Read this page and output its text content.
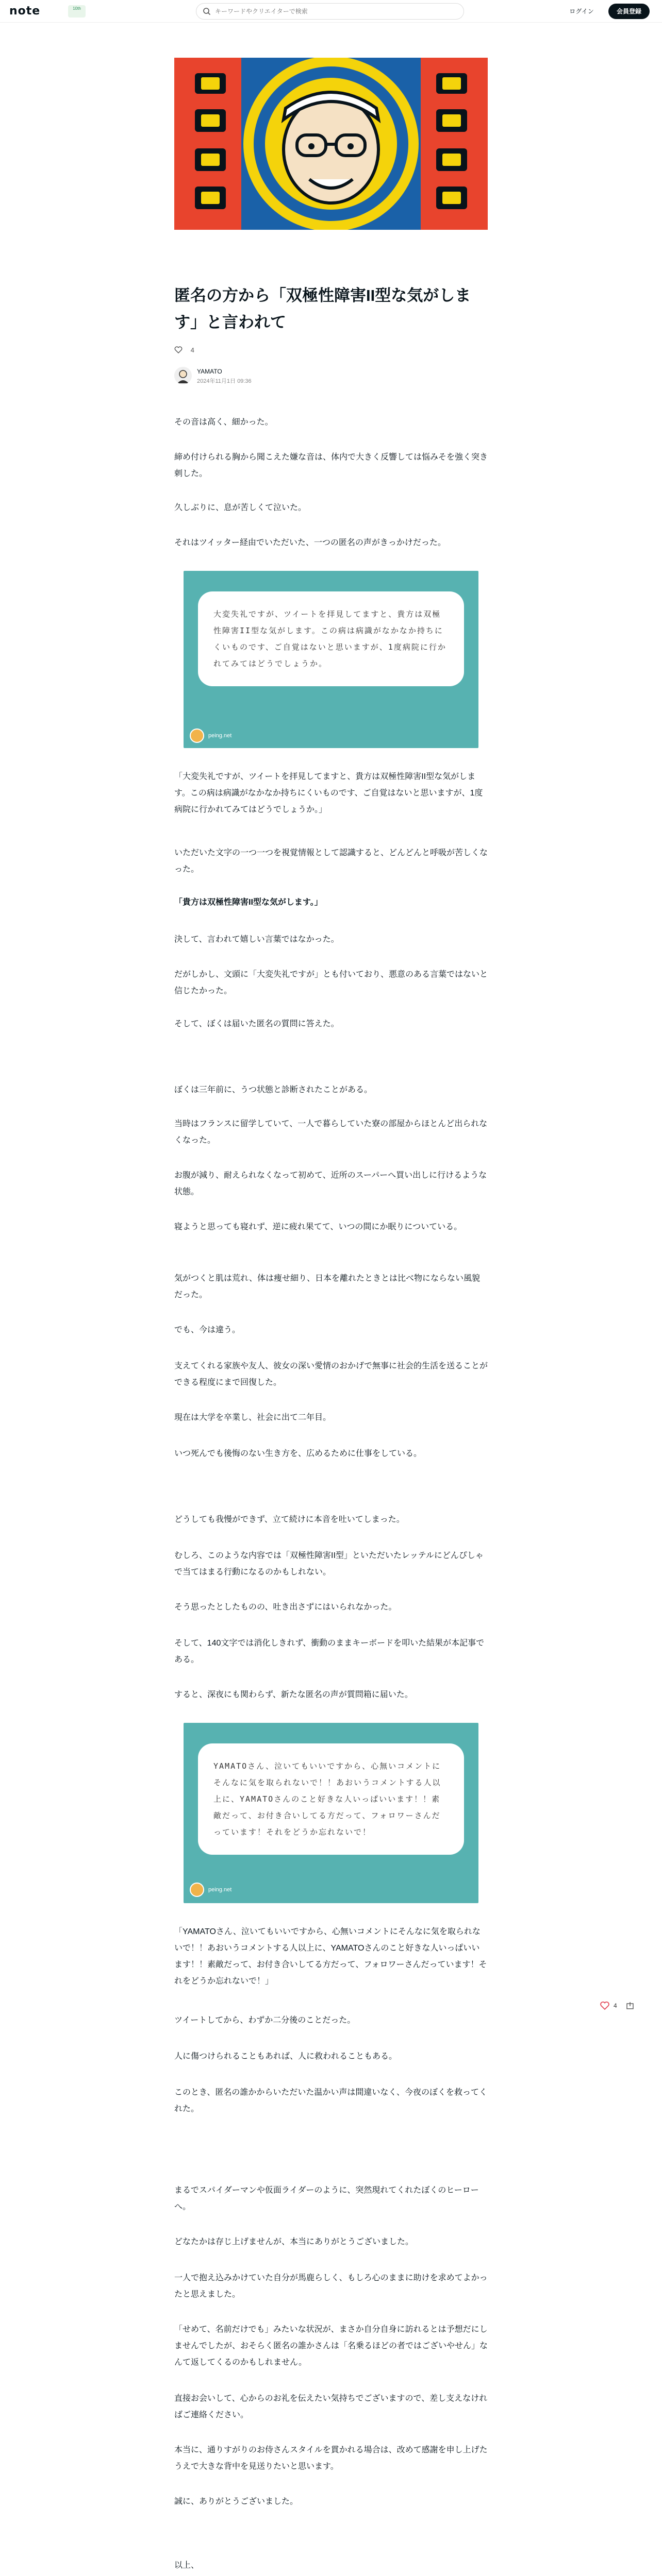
note	10th
キーワードやクリエイターで検索	ログイン	会員登録
匿名の方から「双極性障害II型な気がします」と言われて
4
YAMATO
2024年11月1日 09:36
その音は高く、細かった。
締め付けられる胸から聞こえた嫌な音は、体内で大きく反響しては悩みそを強く突き刺した。
久しぶりに、息が苦しくて泣いた。
それはツイッター経由でいただいた、一つの匿名の声がきっかけだった。
大変失礼ですが、ツイートを拝見してますと、貴方は双極性障害II型な気がします。この病は病識がなかなか持ちにくいものです、ご自覚はないと思いますが、1度病院に行かれてみてはどうでしょうか。
peing.net
「大変失礼ですが、ツイートを拝見してますと、貴方は双極性障害II型な気がします。この病は病識がなかなか持ちにくいものです、ご自覚はないと思いますが、1度病院に行かれてみてはどうでしょうか。」
いただいた文字の一つ一つを視覚情報として認識すると、どんどんと呼吸が苦しくなった。
「貴方は双極性障害II型な気がします。」
決して、言われて嬉しい言葉ではなかった。
だがしかし、文頭に「大変失礼ですが」とも付いており、悪意のある言葉ではないと信じたかった。
そして、ぼくは届いた匿名の質問に答えた。
ぼくは三年前に、うつ状態と診断されたことがある。
当時はフランスに留学していて、一人で暮らしていた寮の部屋からほとんど出られなくなった。
お腹が減り、耐えられなくなって初めて、近所のスーパーへ買い出しに行けるような状態。
寝ようと思っても寝れず、逆に疲れ果てて、いつの間にか眠りについている。
気がつくと肌は荒れ、体は痩せ細り、日本を離れたときとは比べ物にならない風貌だった。
でも、今は違う。
支えてくれる家族や友人、彼女の深い愛情のおかげで無事に社会的生活を送ることができる程度にまで回復した。
現在は大学を卒業し、社会に出て二年目。
いつ死んでも後悔のない生き方を、広めるために仕事をしている。
どうしても我慢ができず、立て続けに本音を吐いてしまった。
むしろ、このような内容では「双極性障害II型」といただいたレッテルにどんぴしゃで当てはまる行動になるのかもしれない。
そう思ったとしたものの、吐き出さずにはいられなかった。
そして、140文字では消化しきれず、衝動のままキーボードを叩いた結果が本記事である。
すると、深夜にも関わらず、新たな匿名の声が質問箱に届いた。
YAMATOさん、泣いてもいいですから、心無いコメントにそんなに気を取られないで！！あおいうコメントする人以上に、YAMATOさんのこと好きな人いっぱいいます！！素敵だって、お付き合いしてる方だって、フォロワーさんだっています！それをどうか忘れないで！
peing.net
「YAMATOさん、泣いてもいいですから、心無いコメントにそんなに気を取られないで！！あおいうコメントする人以上に、YAMATOさんのこと好きな人いっぱいいます！！素敵だって、お付き合いしてる方だって、フォロワーさんだっています！それをどうか忘れないで！」
ツイートしてから、わずか二分後のことだった。
人に傷つけられることもあれば、人に救われることもある。
このとき、匿名の誰かからいただいた温かい声は間違いなく、今夜のぼくを救ってくれた。
まるでスパイダーマンや仮面ライダーのように、突然現れてくれたぼくのヒーローへ。
どなたかは存じ上げませんが、本当にありがとうございました。
一人で抱え込みかけていた自分が馬鹿らしく、もしろ心のままに助けを求めてよかったと思えました。
「せめて、名前だけでも」みたいな状況が、まさか自分自身に訪れるとは予想だにしませんでしたが、おそらく匿名の誰かさんは「名乗るほどの者ではございやせん」なんて返してくるのかもしれません。
直接お会いして、心からのお礼を伝えたい気持ちでございますので、差し支えなければご連絡ください。
本当に、通りすがりのお侍さんスタイルを貫かれる場合は、改めて感謝を申し上げたうえで大きな背中を見送りたいと思います。
誠に、ありがとうございました。
以上、
4
